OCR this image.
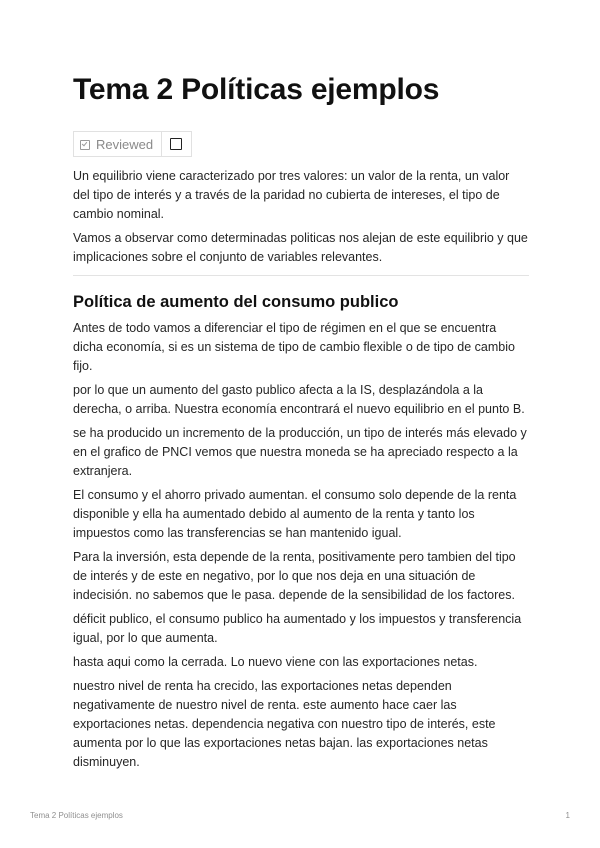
Tema 2 Políticas ejemplos
Reviewed

Un equilibrio viene caracterizado por tres valores: un valor de la renta, un valor del tipo de interés y a través de la paridad no cubierta de intereses, el tipo de cambio nominal.

Vamos a observar como determinadas politicas nos alejan de este equilibrio y que implicaciones sobre el conjunto de variables relevantes.

Política de aumento del consumo publico

Antes de todo vamos a diferenciar el tipo de régimen en el que se encuentra dicha economía, si es un sistema de tipo de cambio flexible o de tipo de cambio fijo.

por lo que un aumento del gasto publico afecta a la IS, desplazándola a la derecha, o arriba. Nuestra economía encontrará el nuevo equilibrio en el punto B.

se ha producido un incremento de la producción, un tipo de interés más elevado y en el grafico de PNCI vemos que nuestra moneda se ha apreciado respecto a la extranjera.

El consumo y el ahorro privado aumentan. el consumo solo depende de la renta disponible y ella ha aumentado debido al aumento de la renta y tanto los impuestos como las transferencias se han mantenido igual.

Para la inversión, esta depende de la renta, positivamente pero tambien del tipo de interés y de este en negativo, por lo que nos deja en una situación de indecisión. no sabemos que le pasa. depende de la sensibilidad de los factores.

déficit publico, el consumo publico ha aumentado y los impuestos y transferencia igual, por lo que aumenta.

hasta aqui como la cerrada. Lo nuevo viene con las exportaciones netas.

nuestro nivel de renta ha crecido, las exportaciones netas dependen negativamente de nuestro nivel de renta. este aumento hace caer las exportaciones netas. dependencia negativa con nuestro tipo de interés, este aumenta por lo que las exportaciones netas bajan. las exportaciones netas disminuyen.

Tema 2 Políticas ejemplos	1
